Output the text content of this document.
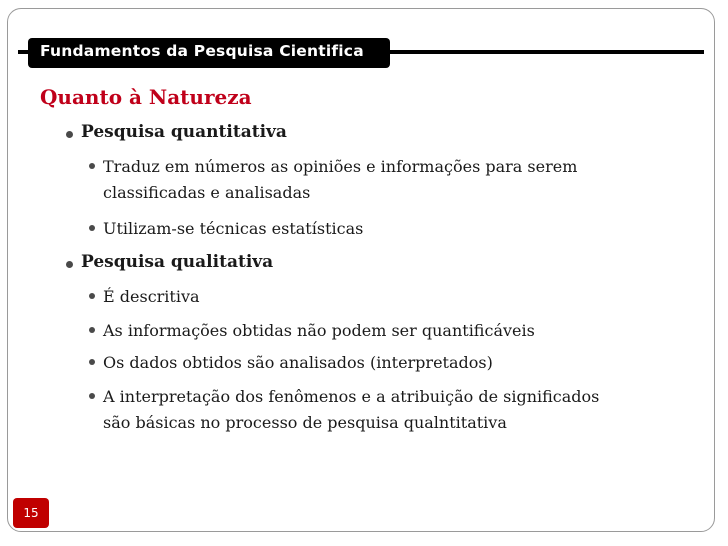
Fundamentos da Pesquisa Cientifica
Quanto à Natureza
Pesquisa quantitativa
Traduz em números as opiniões e informações para serem
classificadas e analisadas
Utilizam-se técnicas estatísticas
Pesquisa qualitativa
É descritiva
As informações obtidas não podem ser quantificáveis
Os dados obtidos são analisados (interpretados)
A interpretação dos fenômenos e a atribuição de significados
são básicas no processo de pesquisa qualntitativa
15
